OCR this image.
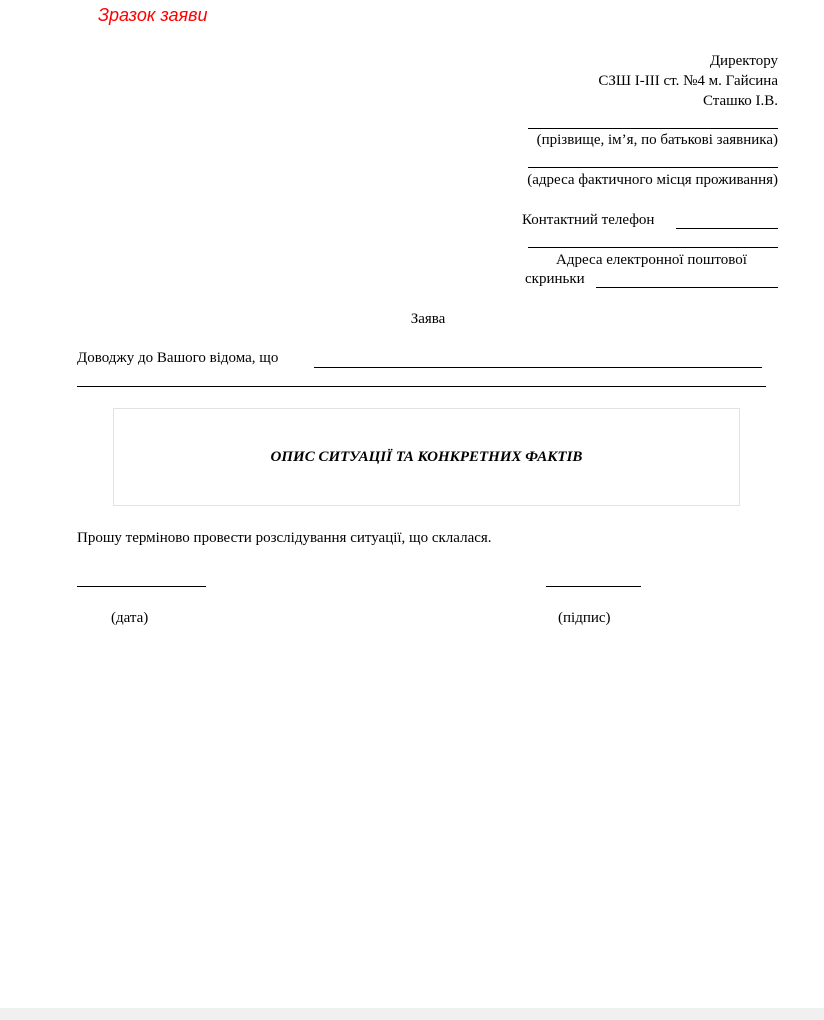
Зразок заяви
Директору
СЗШ І-ІІІ ст. №4 м. Гайсина
Сташко І.В.
(прізвище, ім’я, по батькові заявника)
(адреса фактичного місця проживання)
Контактний телефон
Адреса електронної поштової
скриньки
Заява
Доводжу до Вашого відома, що
ОПИС СИТУАЦІЇ ТА КОНКРЕТНИХ ФАКТІВ
Прошу терміново провести розслідування ситуації, що склалася.
(дата)	(підпис)
